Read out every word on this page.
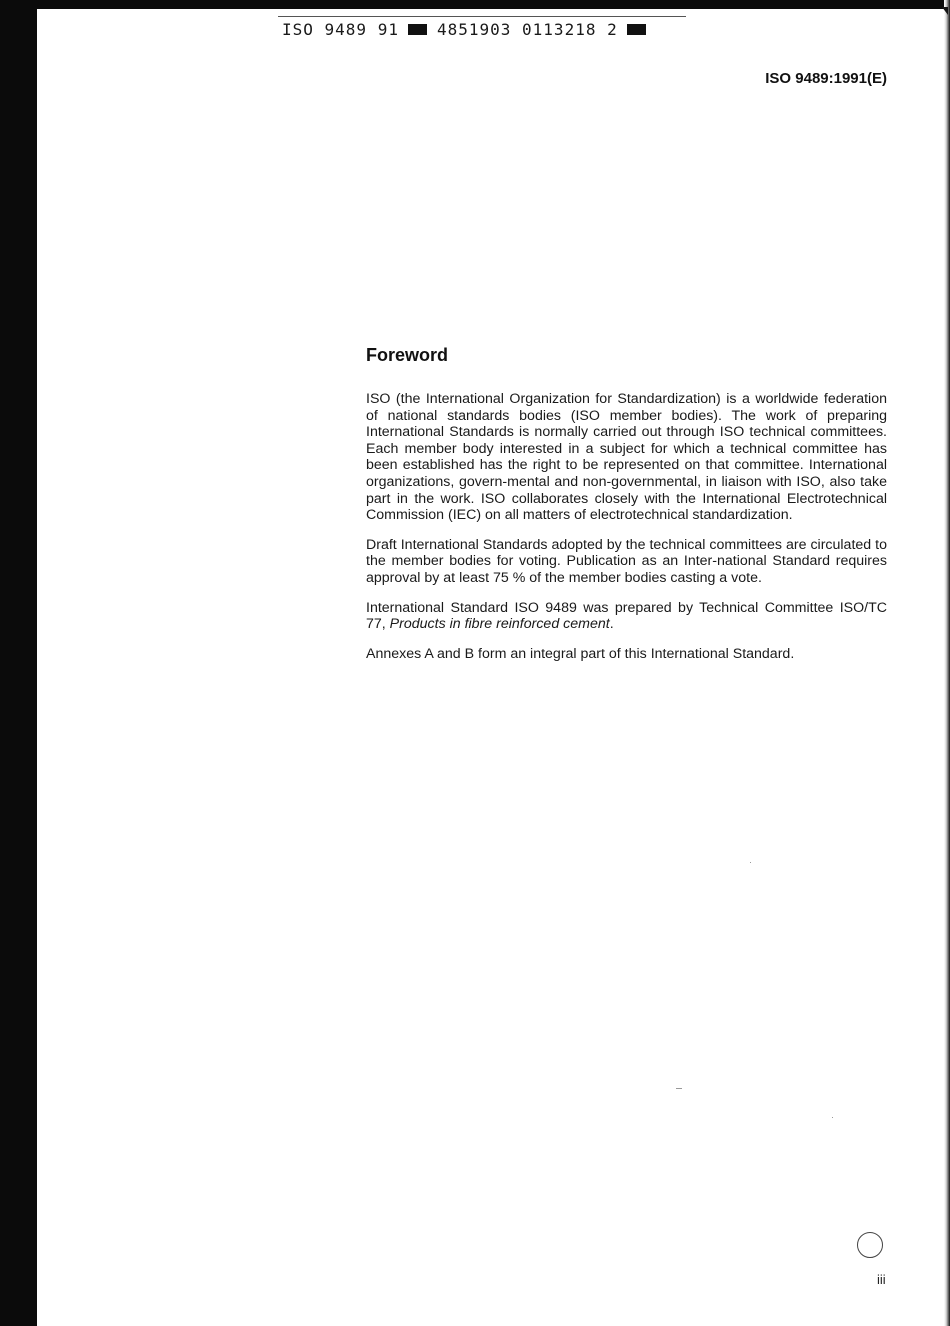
ISO 9489 91 4851903 0113218 2
ISO 9489:1991(E)
Foreword

ISO (the International Organization for Standardization) is a worldwide federation of national standards bodies (ISO member bodies). The work of preparing International Standards is normally carried out through ISO technical committees. Each member body interested in a subject for which a technical committee has been established has the right to be represented on that committee. International organizations, govern-mental and non-governmental, in liaison with ISO, also take part in the work. ISO collaborates closely with the International Electrotechnical Commission (IEC) on all matters of electrotechnical standardization.

Draft International Standards adopted by the technical committees are circulated to the member bodies for voting. Publication as an Inter-national Standard requires approval by at least 75 % of the member bodies casting a vote.

International Standard ISO 9489 was prepared by Technical Committee ISO/TC 77, Products in fibre reinforced cement.

Annexes A and B form an integral part of this International Standard.

iii
